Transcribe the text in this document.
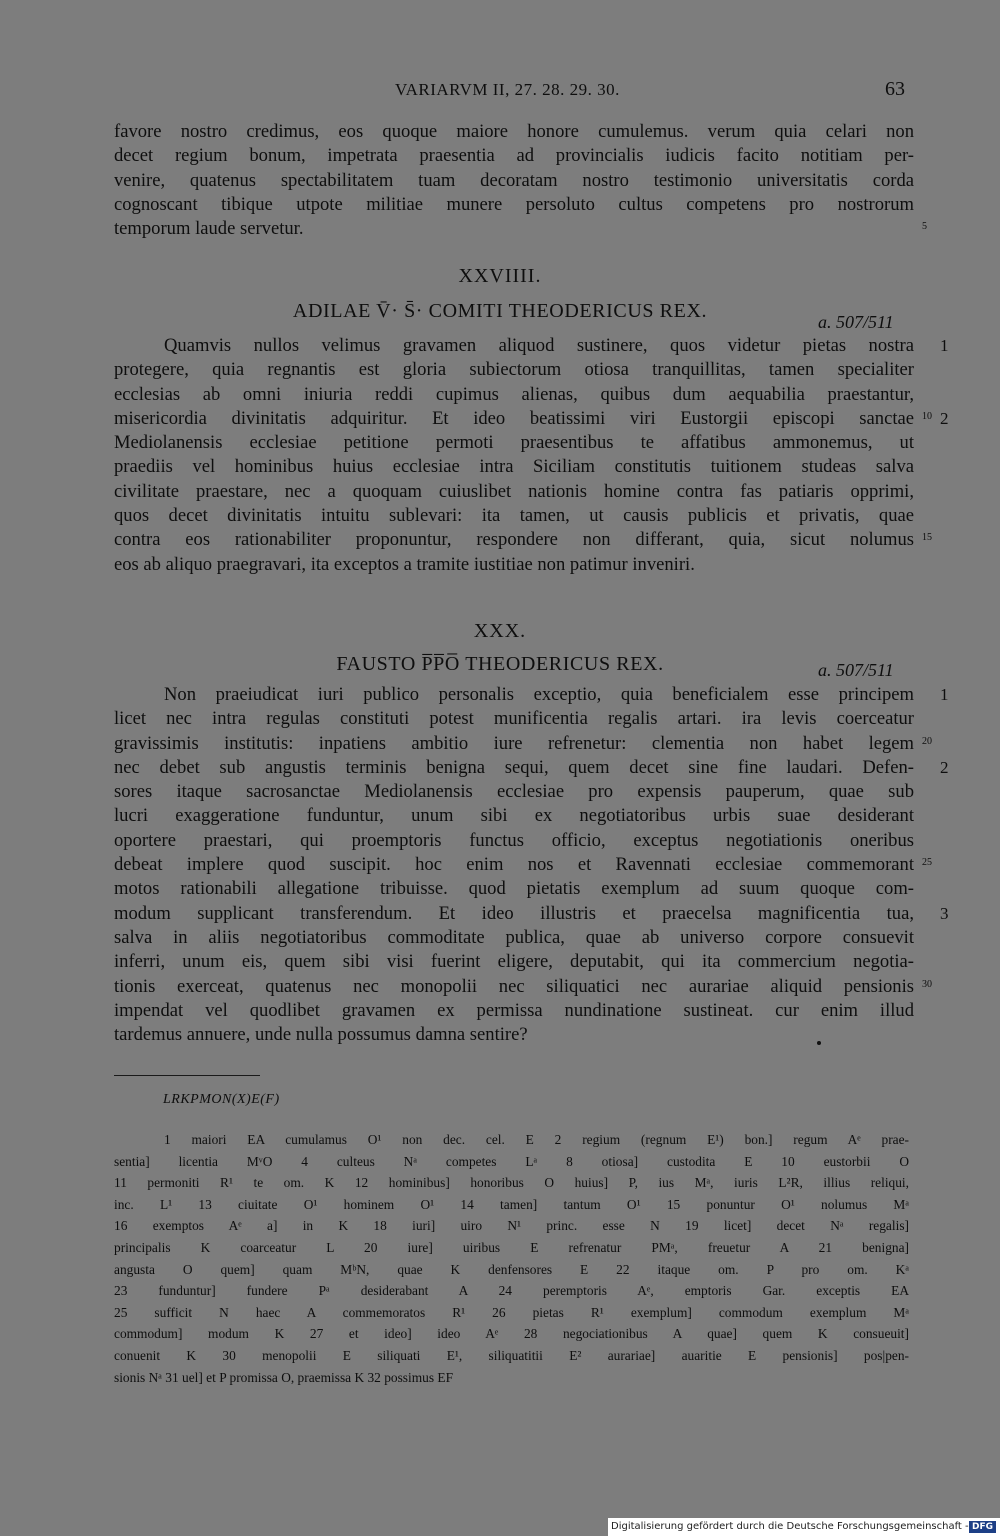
VARIARVM II, 27. 28. 29. 30.	63
favore nostro credimus, eos quoque maiore honore cumulemus. verum quia celari non
decet regium bonum, impetrata praesentia ad provincialis iudicis facito notitiam per-
venire, quatenus spectabilitatem tuam decoratam nostro testimonio universitatis corda
cognoscant tibique utpote militiae munere persoluto cultus competens pro nostrorum
temporum laude servetur.	5
XXVIIII.
ADILAE V̄· S̄· COMITI THEODERICUS REX.	a. 507/511
Quamvis nullos velimus gravamen aliquod sustinere, quos videtur pietas nostra 1
protegere, quia regnantis est gloria subiectorum otiosa tranquillitas, tamen specialiter
ecclesias ab omni iniuria reddi cupimus alienas, quibus dum aequabilia praestantur,
misericordia divinitatis adquiritur. Et ideo beatissimi viri Eustorgii episcopi sanctae 10 2
Mediolanensis ecclesiae petitione permoti praesentibus te affatibus ammonemus, ut
praediis vel hominibus huius ecclesiae intra Siciliam constitutis tuitionem studeas salva
civilitate praestare, nec a quoquam cuiuslibet nationis homine contra fas patiaris opprimi,
quos decet divinitatis intuitu sublevari: ita tamen, ut causis publicis et privatis, quae
contra eos rationabiliter proponuntur, respondere non differant, quia, sicut nolumus 15
eos ab aliquo praegravari, ita exceptos a tramite iustitiae non patimur inveniri.
XXX.
FAUSTO P̅P̅O̅ THEODERICUS REX.	a. 507/511
Non praeiudicat iuri publico personalis exceptio, quia beneficialem esse principem 1
licet nec intra regulas constituti potest munificentia regalis artari. ira levis coerceatur
gravissimis institutis: inpatiens ambitio iure refrenetur: clementia non habet legem 20
nec debet sub angustis terminis benigna sequi, quem decet sine fine laudari. Defen- 2
sores itaque sacrosanctae Mediolanensis ecclesiae pro expensis pauperum, quae sub
lucri exaggeratione funduntur, unum sibi ex negotiatoribus urbis suae desiderant
oportere praestari, qui proemptoris functus officio, exceptus negotiationis oneribus
debeat implere quod suscipit. hoc enim nos et Ravennati ecclesiae commemorant 25
motos rationabili allegatione tribuisse. quod pietatis exemplum ad suum quoque com-
modum supplicant transferendum. Et ideo illustris et praecelsa magnificentia tua, 3
salva in aliis negotiatoribus commoditate publica, quae ab universo corpore consuevit
inferri, unum eis, quem sibi visi fuerint eligere, deputabit, qui ita commercium negotia-
tionis exerceat, quatenus nec monopolii nec siliquatici nec aurariae aliquid pensionis 30
impendat vel quodlibet gravamen ex permissa nundinatione sustineat. cur enim illud
tardemus annuere, unde nulla possumus damna sentire?
LRKPMON(X)E(F)
1 maiori EA cumulamus O¹ non dec. cel. E 2 regium (regnum E¹) bon.] regum Aᵉ prae-
sentia] licentia MᵛO 4 culteus Nᵃ competes Lᵃ 8 otiosa] custodita E 10 eustorbii O
11 permoniti R¹ te om. K 12 hominibus] honoribus O huius] P, ius Mᵃ, iuris L²R, illius reliqui,
inc. L¹ 13 ciuitate O¹ hominem O¹ 14 tamen] tantum O¹ 15 ponuntur O¹ nolumus Mᵃ
16 exemptos Aᵉ a] in K 18 iuri] uiro N¹ princ. esse N 19 licet] decet Nᵃ regalis]
principalis K coarceatur L 20 iure] uiribus E refrenatur PMᵃ, freuetur A 21 benigna]
angusta O quem] quam MᵇN, quae K denfensores E 22 itaque om. P pro om. Kᵃ
23 funduntur] fundere Pᵃ desiderabant A 24 peremptoris Aᵉ, emptoris Gar. exceptis EA
25 sufficit N haec A commemoratos R¹ 26 pietas R¹ exemplum] commodum exemplum Mᵃ
commodum] modum K 27 et ideo] ideo Aᵉ 28 negociationibus A quae] quem K consueuit]
conuenit K 30 menopolii E siliquati E¹, siliquatitii E² aurariae] auaritie E pensionis] pos|pen-
sionis Nᵃ 31 uel] et P promissa O, praemissa K 32 possimus EF
Digitalisierung gefördert durch die Deutsche Forschungsgemeinschaft - DFG
